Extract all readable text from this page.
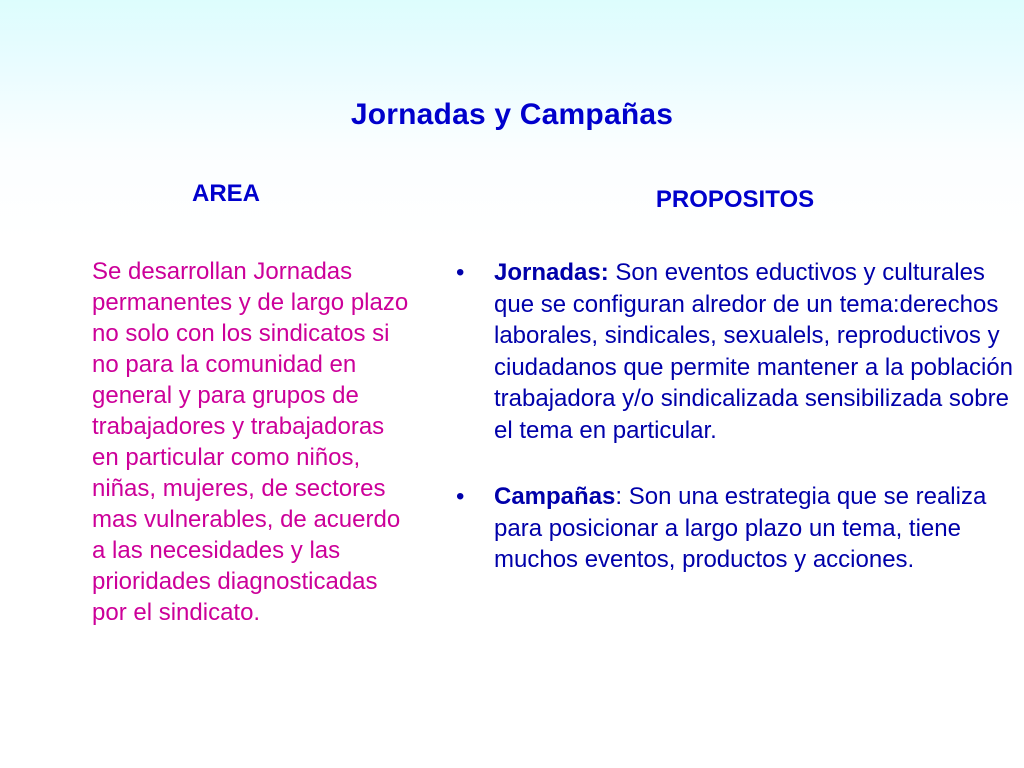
Jornadas y Campañas
AREA
Se desarrollan Jornadas permanentes y de largo plazo no solo con los sindicatos si no para la comunidad en general y para grupos de trabajadores y trabajadoras en particular como niños, niñas, mujeres, de sectores mas vulnerables, de acuerdo a las necesidades y las prioridades diagnosticadas por el sindicato.
PROPOSITOS
• Jornadas: Son eventos eductivos y culturales que se configuran alredor de un tema:derechos laborales, sindicales, sexualels, reproductivos y ciudadanos que permite mantener a la población trabajadora y/o sindicalizada sensibilizada sobre el tema en particular.
• Campañas: Son una estrategia que se realiza para posicionar a largo plazo un tema, tiene muchos eventos, productos y acciones.
